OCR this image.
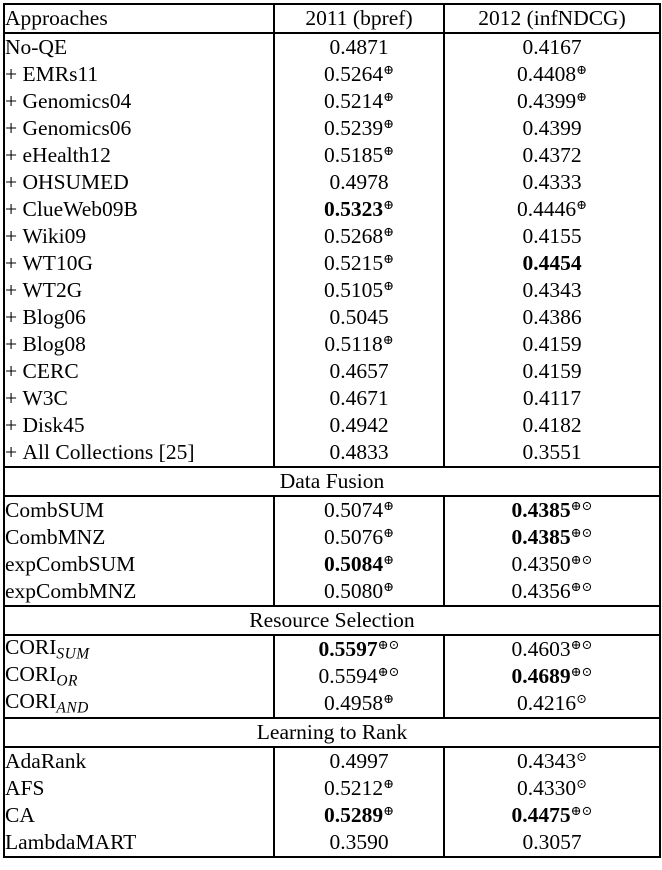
Approaches	2011 (bpref)	2012 (infNDCG)
No-QE	0.4871	0.4167
+ EMRs11	0.5264⊕	0.4408⊕
+ Genomics04	0.5214⊕	0.4399⊕
+ Genomics06	0.5239⊕	0.4399
+ eHealth12	0.5185⊕	0.4372
+ OHSUMED	0.4978	0.4333
+ ClueWeb09B	0.5323⊕	0.4446⊕
+ Wiki09	0.5268⊕	0.4155
+ WT10G	0.5215⊕	0.4454
+ WT2G	0.5105⊕	0.4343
+ Blog06	0.5045	0.4386
+ Blog08	0.5118⊕	0.4159
+ CERC	0.4657	0.4159
+ W3C	0.4671	0.4117
+ Disk45	0.4942	0.4182
+ All Collections [25]	0.4833	0.3551
Data Fusion		
CombSUM	0.5074⊕	0.4385⊕⊙
CombMNZ	0.5076⊕	0.4385⊕⊙
expCombSUM	0.5084⊕	0.4350⊕⊙
expCombMNZ	0.5080⊕	0.4356⊕⊙
Resource Selection		
$CORI_{SUM}$	0.5597⊕⊙	0.4603⊕⊙
$CORI_{OR}$	0.5594⊕⊙	0.4689⊕⊙
$CORI_{AND}$	0.4958⊕	0.4216⊙
Learning to Rank		
AdaRank	0.4997	0.4343⊙
AFS	0.5212⊕	0.4330⊙
CA	0.5289⊕	0.4475⊕⊙
LambdaMART	0.3590	0.3057
